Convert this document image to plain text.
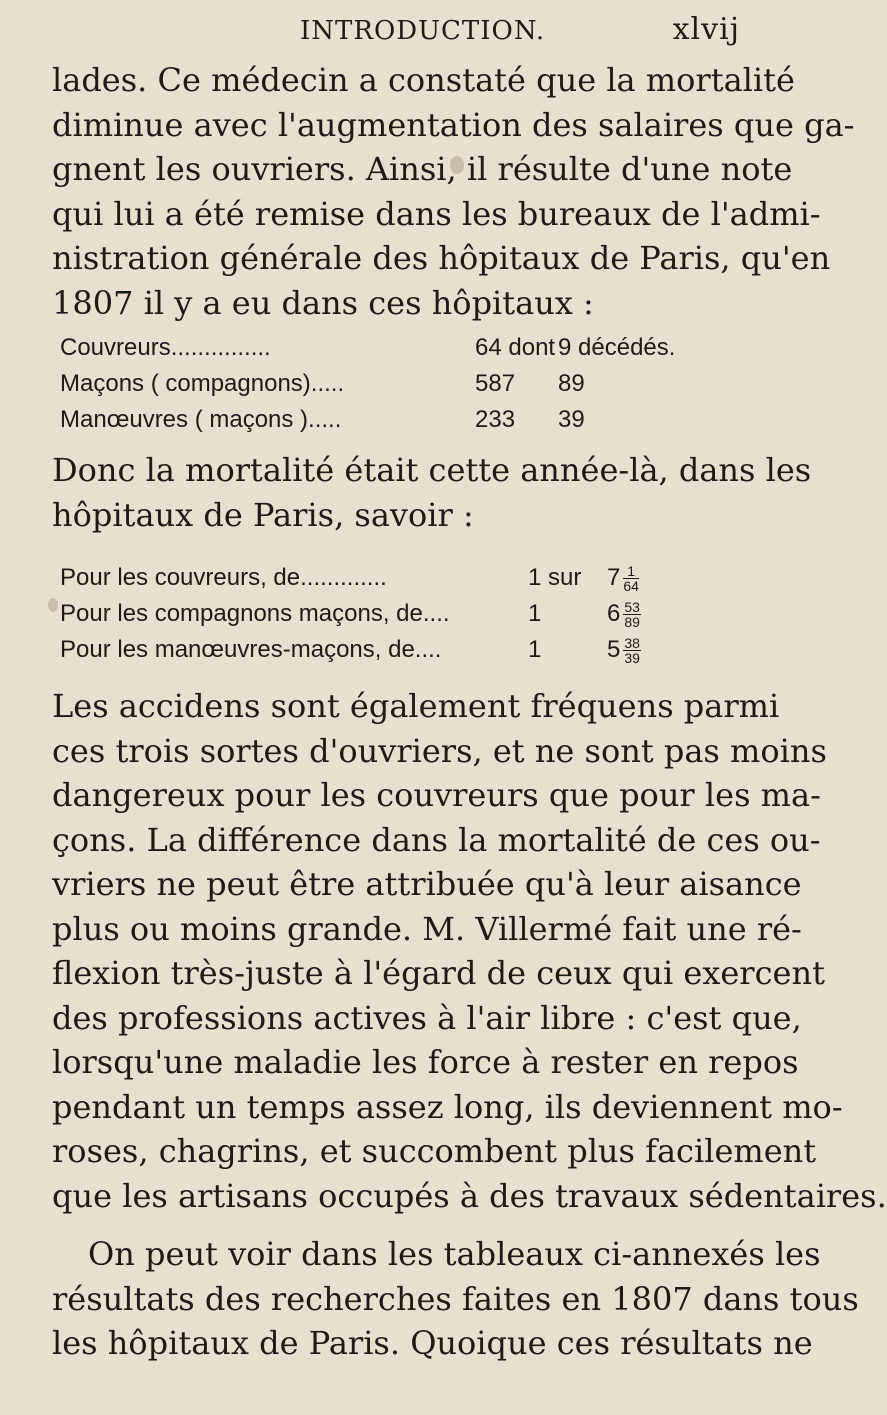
INTRODUCTION.	xlvij
lades. Ce médecin a constaté que la mortalité
diminue avec l'augmentation des salaires que ga-
gnent les ouvriers. Ainsi, il résulte d'une note
qui lui a été remise dans les bureaux de l'admi-
nistration générale des hôpitaux de Paris, qu'en
1807 il y a eu dans ces hôpitaux :
Couvreurs...............	64 dont 9 décédés.
Maçons ( compagnons).....	587 89
Manœuvres ( maçons ).....	233 39
Donc la mortalité était cette année-là, dans les
hôpitaux de Paris, savoir :
Pour les couvreurs, de.............	1 sur $7 \frac{1}{64}$
Pour les compagnons maçons, de....	1	$6 \frac{53}{89}$
Pour les manœuvres-maçons, de....	1	$5 \frac{38}{39}$
Les accidens sont également fréquens parmi
ces trois sortes d'ouvriers, et ne sont pas moins
dangereux pour les couvreurs que pour les ma-
çons. La différence dans la mortalité de ces ou-
vriers ne peut être attribuée qu'à leur aisance
plus ou moins grande. M. Villermé fait une ré-
flexion très-juste à l'égard de ceux qui exercent
des professions actives à l'air libre : c'est que,
lorsqu'une maladie les force à rester en repos
pendant un temps assez long, ils deviennent mo-
roses, chagrins, et succombent plus facilement
que les artisans occupés à des travaux sédentaires.
On peut voir dans les tableaux ci-annexés les
résultats des recherches faites en 1807 dans tous
les hôpitaux de Paris. Quoique ces résultats ne
